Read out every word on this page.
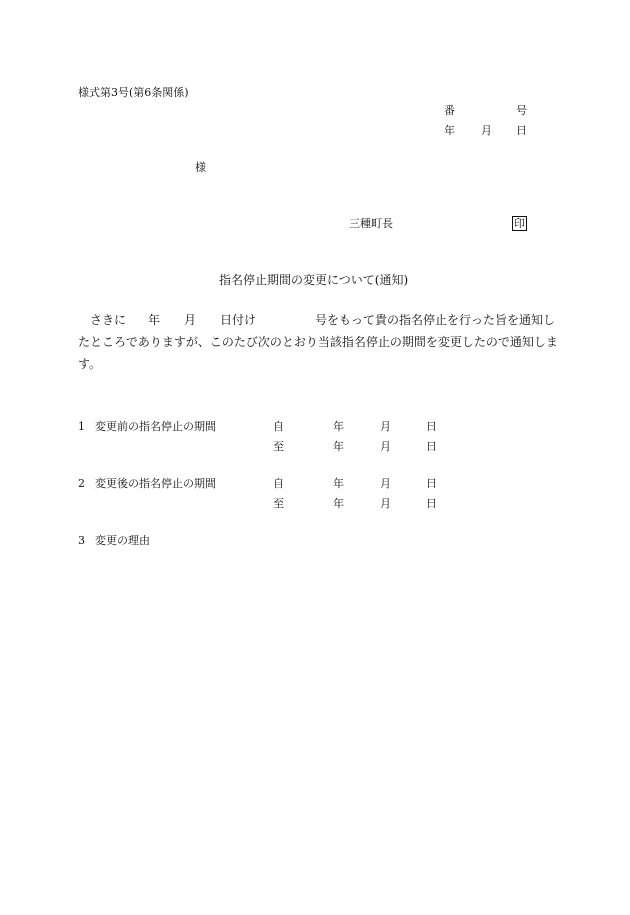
様式第3号(第6条関係)
番	号
年 月 日
様
三種町長	印
指名停止期間の変更について(通知)
さきに 年 月 日付け	号をもって貴の指名停止を行った旨を通知し
たところでありますが、このたび次のとおり当該指名停止の期間を変更したので通知しま
す。
1 変更前の指名停止の期間	自	年	月	日
至	年	月	日
2 変更後の指名停止の期間	自	年	月	日
至	年	月	日
3 変更の理由
